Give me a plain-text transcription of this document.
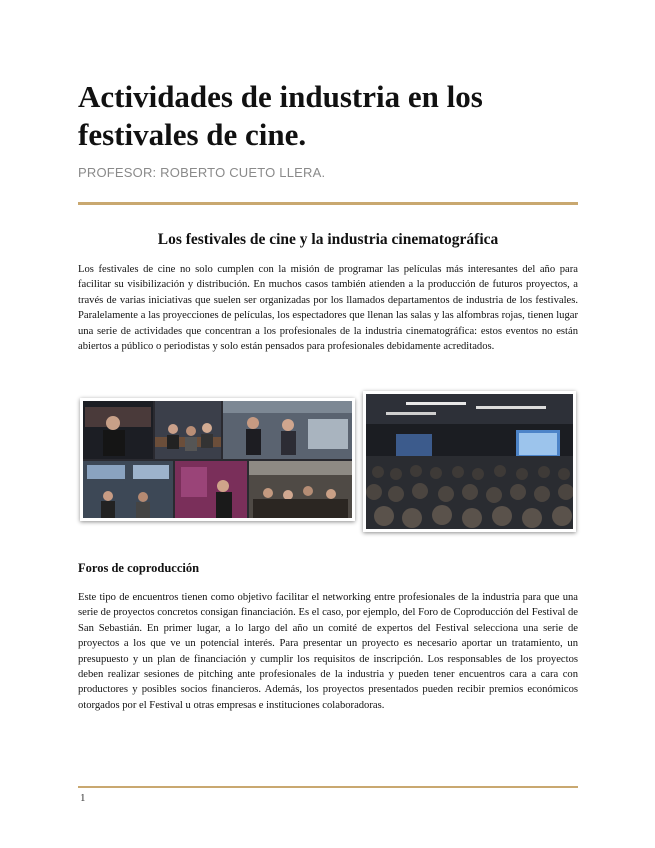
Actividades de industria en los festivales de cine.

PROFESOR: ROBERTO CUETO LLERA.

Los festivales de cine y la industria cinematográfica

Los festivales de cine no solo cumplen con la misión de programar las películas más interesantes del año para facilitar su visibilización y distribución. En muchos casos también atienden a la producción de futuros proyectos, a través de varias iniciativas que suelen ser organizadas por los llamados departamentos de industria de los festivales. Paralelamente a las proyecciones de películas, los espectadores que llenan las salas y las alfombras rojas, tienen lugar una serie de actividades que concentran a los profesionales de la industria cinematográfica: estos eventos no están abiertos a público o periodistas y solo están pensados para profesionales debidamente acreditados.

Foros de coproducción

Este tipo de encuentros tienen como objetivo facilitar el networking entre profesionales de la industria para que una serie de proyectos concretos consigan financiación. Es el caso, por ejemplo, del Foro de Coproducción del Festival de San Sebastián. En primer lugar, a lo largo del año un comité de expertos del Festival selecciona una serie de proyectos a los que ve un potencial interés. Para presentar un proyecto es necesario aportar un tratamiento, un presupuesto y un plan de financiación y cumplir los requisitos de inscripción. Los responsables de los proyectos deben realizar sesiones de pitching ante profesionales de la industria y pueden tener encuentros cara a cara con productores y posibles socios financieros. Además, los proyectos presentados pueden recibir premios económicos otorgados por el Festival u otras empresas e instituciones colaboradoras.

1
